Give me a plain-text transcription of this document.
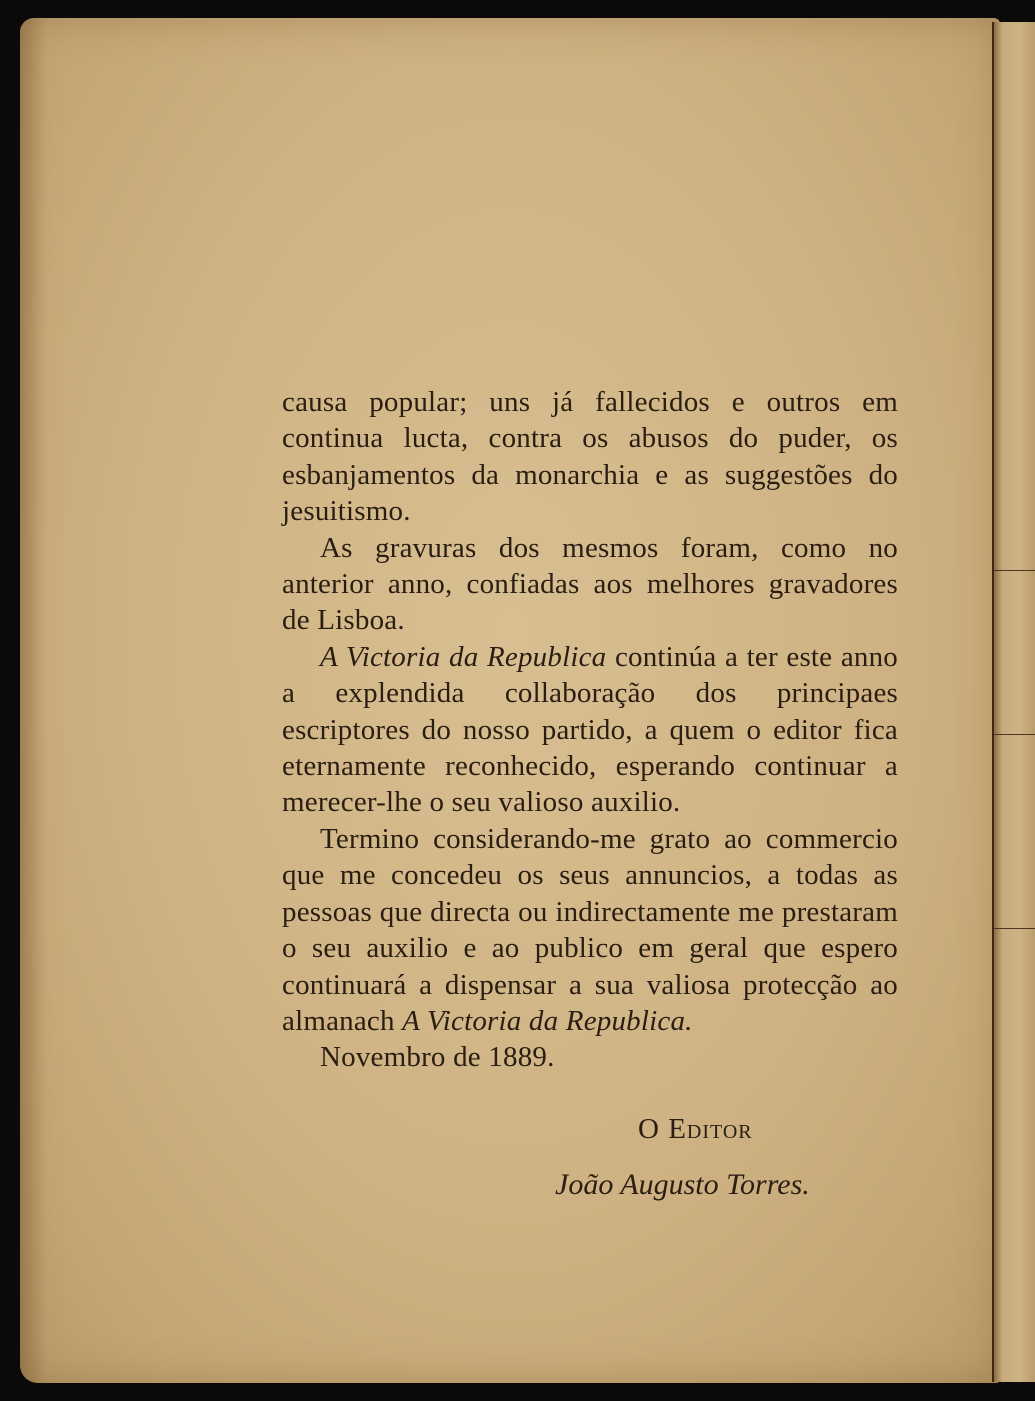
causa popular; uns já fallecidos e outros em continua lucta, contra os abusos do puder, os esbanjamentos da monarchia e as suggestões do jesuitismo.

As gravuras dos mesmos foram, como no anterior anno, confiadas aos melhores gravadores de Lisboa.

A Victoria da Republica continúa a ter este anno a explendida collaboração dos principaes escriptores do nosso partido, a quem o editor fica eternamente reconhecido, esperando continuar a merecer-lhe o seu valioso auxilio.

Termino considerando-me grato ao commercio que me concedeu os seus annuncios, a todas as pessoas que directa ou indirectamente me prestaram o seu auxilio e ao publico em geral que espero continuará a dispensar a sua valiosa protecção ao almanach A Victoria da Republica.

Novembro de 1889.

O Editor
João Augusto Torres.
